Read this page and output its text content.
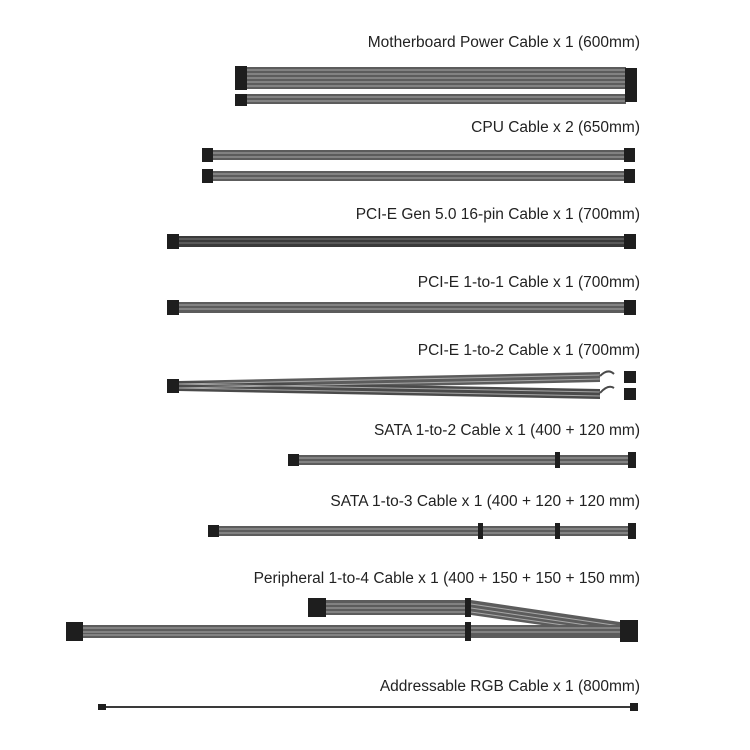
Motherboard Power Cable x 1 (600mm)
CPU Cable x 2 (650mm)
PCI-E Gen 5.0 16-pin Cable x 1 (700mm)
PCI-E 1-to-1 Cable x 1 (700mm)
PCI-E 1-to-2 Cable x 1 (700mm)
SATA 1-to-2 Cable x 1 (400 + 120 mm)
SATA 1-to-3 Cable x 1 (400 + 120 + 120 mm)
Peripheral 1-to-4 Cable x 1 (400 + 150 + 150 + 150 mm)
Addressable RGB Cable x 1 (800mm)
